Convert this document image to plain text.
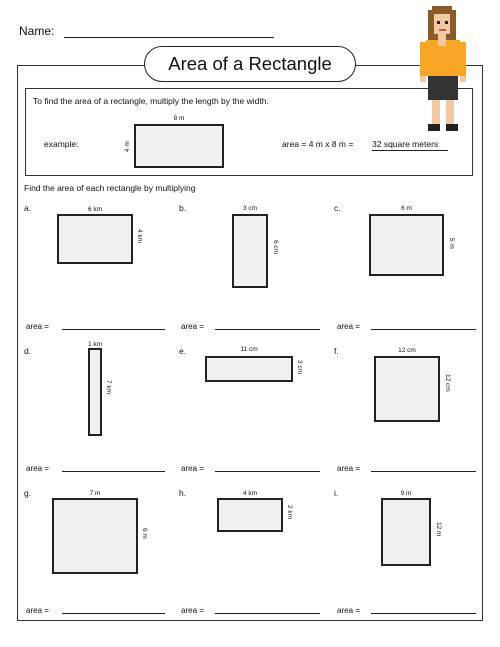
Name:
Area of a Rectangle
To find the area of a rectangle, multiply the length by the width.
example:
8 m
4 m	area = 4 m x 8 m = 32 square meters
Find the area of each rectangle by multiplying
a.	b.	c.
d.	e.	f.
g.	h.	i.
6 km
4 km
3 cm
6 cm
6 m
5 m
1 km
7 km
11 cm
3 cm
12 cm
12 cm
7 m
6 m
4 km
2 km
9 m
12 m
area =	area =	area =
area =	area =	area =
area =	area =	area =
